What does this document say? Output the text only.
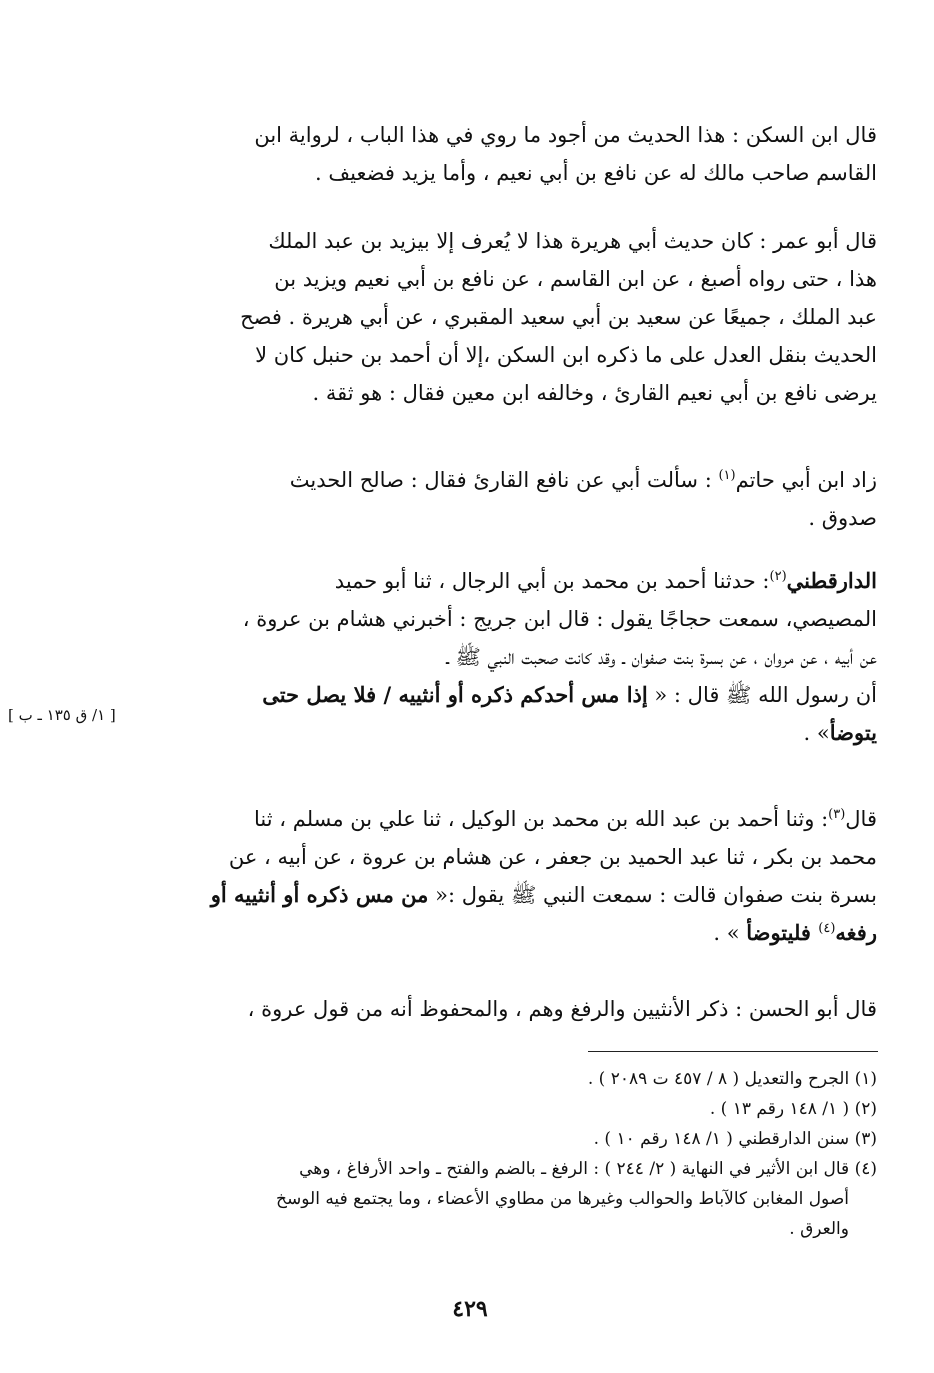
قال ابن السكن : هذا الحديث من أجود ما روي في هذا الباب ، لرواية ابن
القاسم صاحب مالك له عن نافع بن أبي نعيم ، وأما يزيد فضعيف .
قال أبو عمر : كان حديث أبي هريرة هذا لا يُعرف إلا بيزيد بن عبد الملك
هذا ، حتى رواه أصبغ ، عن ابن القاسم ، عن نافع بن أبي نعيم ويزيد بن
عبد الملك ، جميعًا عن سعيد بن أبي سعيد المقبري ، عن أبي هريرة . فصح
الحديث بنقل العدل على ما ذكره ابن السكن ،إلا أن أحمد بن حنبل كان لا
يرضى نافع بن أبي نعيم القارئ ، وخالفه ابن معين فقال : هو ثقة .
زاد ابن أبي حاتم$^{(١)}$ : سألت أبي عن نافع القارئ فقال : صالح الحديث
صدوق .
الدارقطني$^{(٢)}$: حدثنا أحمد بن محمد بن أبي الرجال ، ثنا أبو حميد
المصيصي، سمعت حجاجًا يقول : قال ابن جريج : أخبرني هشام بن عروة ،
عن أبيه ، عن مروان ، عن بسرة بنت صفوان ـ وقد كانت صحبت النبي ﷺ ـ
أن رسول الله ﷺ قال : « إذا مس أحدكم ذكره أو أنثييه / فلا يصل حتى
يتوضأ» .
قال$^{(٣)}$: وثنا أحمد بن عبد الله بن محمد بن الوكيل ، ثنا علي بن مسلم ، ثنا
محمد بن بكر ، ثنا عبد الحميد بن جعفر ، عن هشام بن عروة ، عن أبيه ، عن
بسرة بنت صفوان قالت : سمعت النبي ﷺ يقول :« من مس ذكره أو أنثييه أو
رفغه$^{(٤)}$ فليتوضأ » .
قال أبو الحسن : ذكر الأنثيين والرفغ وهم ، والمحفوظ أنه من قول عروة ،
[ ١/ ق ١٣٥ ـ ب ]
(١) الجرح والتعديل ( ٨ / ٤٥٧ ت ٢٠٨٩ ) .
(٢) ( ١/ ١٤٨ رقم ١٣ ) .
(٣) سنن الدارقطني ( ١/ ١٤٨ رقم ١٠ ) .
(٤) قال ابن الأثير في النهاية ( ٢/ ٢٤٤ ) : الرفغ ـ بالضم والفتح ـ واحد الأرفاغ ، وهي
أصول المغابن كالآباط والحوالب وغيرها من مطاوي الأعضاء ، وما يجتمع فيه الوسخ
والعرق .
٤٢٩
